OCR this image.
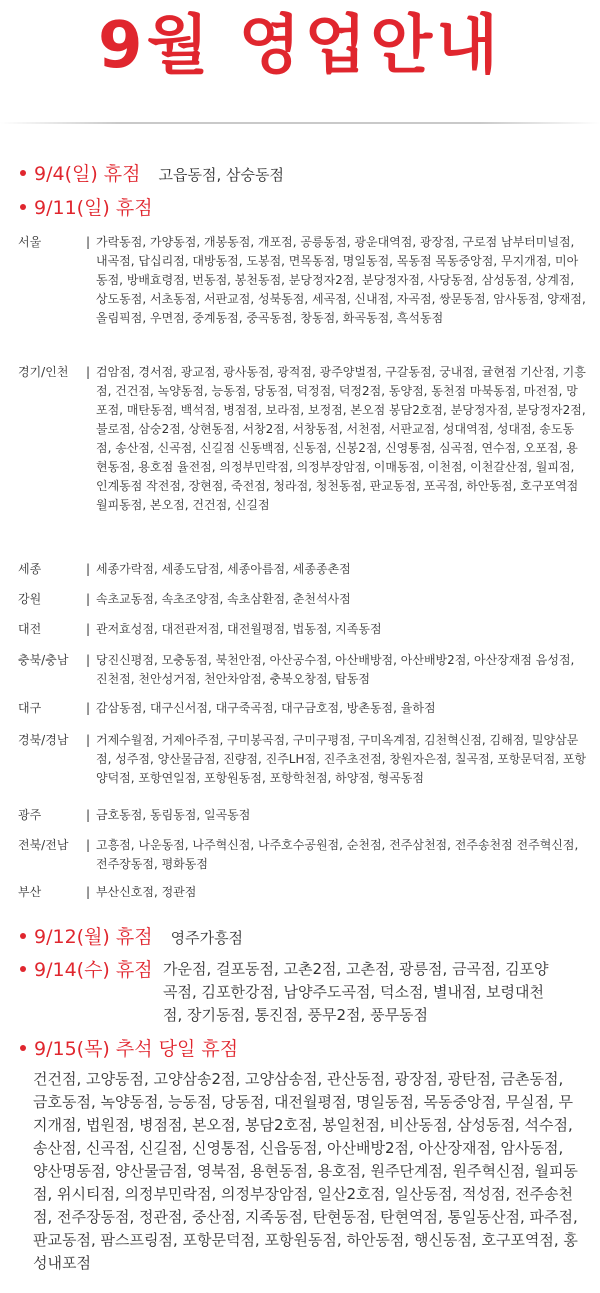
9월 영업안내
9/4(일) 휴점 고읍동점, 삼숭동점
9/11(일) 휴점
서울	| 가락동점, 가양동점, 개봉동점, 개포점, 공릉동점, 광운대역점, 광장점, 구로점 남부터미널점, 내곡점, 답십리점, 대방동점, 도봉점, 면목동점, 명일동점, 목동점 목동중앙점, 무지개점, 미아동점, 방배효령점, 번동점, 봉천동점, 분당정자2점, 분당정자점, 사당동점, 삼성동점, 상계점, 상도동점, 서초동점, 서판교점, 성북동점, 세곡점, 신내점, 자곡점, 쌍문동점, 암사동점, 양재점, 올림픽점, 우면점, 중계동점, 중곡동점, 창동점, 화곡동점, 흑석동점
경기/인천	| 검암점, 경서점, 광교점, 광사동점, 광적점, 광주양벌점, 구갈동점, 궁내점, 귤현점 기산점, 기흥점, 건건점, 녹양동점, 능동점, 당동점, 덕정점, 덕정2점, 동양점, 동천점 마북동점, 마전점, 망포점, 매탄동점, 백석점, 병점점, 보라점, 보정점, 본오점 봉담2호점, 분당정자점, 분당정자2점, 불로점, 삼숭2점, 상현동점, 서창2점, 서창동점, 서천점, 서판교점, 성대역점, 성대점, 송도동점, 송산점, 신곡점, 신길점 신동백점, 신동점, 신봉2점, 신영통점, 심곡점, 연수점, 오포점, 용현동점, 용호점 율전점, 의정부민락점, 의정부장암점, 이매동점, 이천점, 이천갈산점, 월피점, 인계동점 작전점, 장현점, 죽전점, 청라점, 청천동점, 판교동점, 포곡점, 하안동점, 호구포역점 월피동점, 본오점, 건건점, 신길점
세종	| 세종가락점, 세종도담점, 세종아름점, 세종종촌점
강원	| 속초교동점, 속초조양점, 속초삼환점, 춘천석사점
대전	| 관저효성점, 대전관저점, 대전월평점, 법동점, 지족동점
충북/충남	| 당진신평점, 모충동점, 북천안점, 아산공수점, 아산배방점, 아산배방2점, 아산장재점 음성점, 진천점, 천안성거점, 천안차암점, 충북오창점, 탑동점
대구	| 감삼동점, 대구신서점, 대구죽곡점, 대구금호점, 방촌동점, 율하점
경북/경남	| 거제수월점, 거제아주점, 구미봉곡점, 구미구평점, 구미옥계점, 김천혁신점, 김해점, 밀양삼문점, 성주점, 양산물금점, 진량점, 진주LH점, 진주초전점, 창원자은점, 칠곡점, 포항문덕점, 포항양덕점, 포항연일점, 포항원동점, 포항학천점, 하양점, 형곡동점
광주	| 금호동점, 동림동점, 일곡동점
전북/전남	| 고흥점, 나운동점, 나주혁신점, 나주호수공원점, 순천점, 전주삼천점, 전주송천점 전주혁신점, 전주장동점, 평화동점
부산	| 부산신호점, 정관점
9/12(월) 휴점 영주가흥점
9/14(수) 휴점 가운점, 걸포동점, 고촌2점, 고촌점, 광릉점, 금곡점, 김포양곡점, 김포한강점, 남양주도곡점, 덕소점, 별내점, 보령대천점, 장기동점, 통진점, 풍무2점, 풍무동점
9/15(목) 추석 당일 휴점
건건점, 고양동점, 고양삼송2점, 고양삼송점, 관산동점, 광장점, 광탄점, 금촌동점, 금호동점, 녹양동점, 능동점, 당동점, 대전월평점, 명일동점, 목동중앙점, 무실점, 무지개점, 법원점, 병점점, 본오점, 봉담2호점, 봉일천점, 비산동점, 삼성동점, 석수점, 송산점, 신곡점, 신길점, 신영통점, 신읍동점, 아산배방2점, 아산장재점, 암사동점, 양산명동점, 양산물금점, 영북점, 용현동점, 용호점, 원주단계점, 원주혁신점, 월피동점, 위시티점, 의정부민락점, 의정부장암점, 일산2호점, 일산동점, 적성점, 전주송천점, 전주장동점, 정관점, 중산점, 지족동점, 탄현동점, 탄현역점, 통일동산점, 파주점, 판교동점, 팜스프링점, 포항문덕점, 포항원동점, 하안동점, 행신동점, 호구포역점, 홍성내포점
